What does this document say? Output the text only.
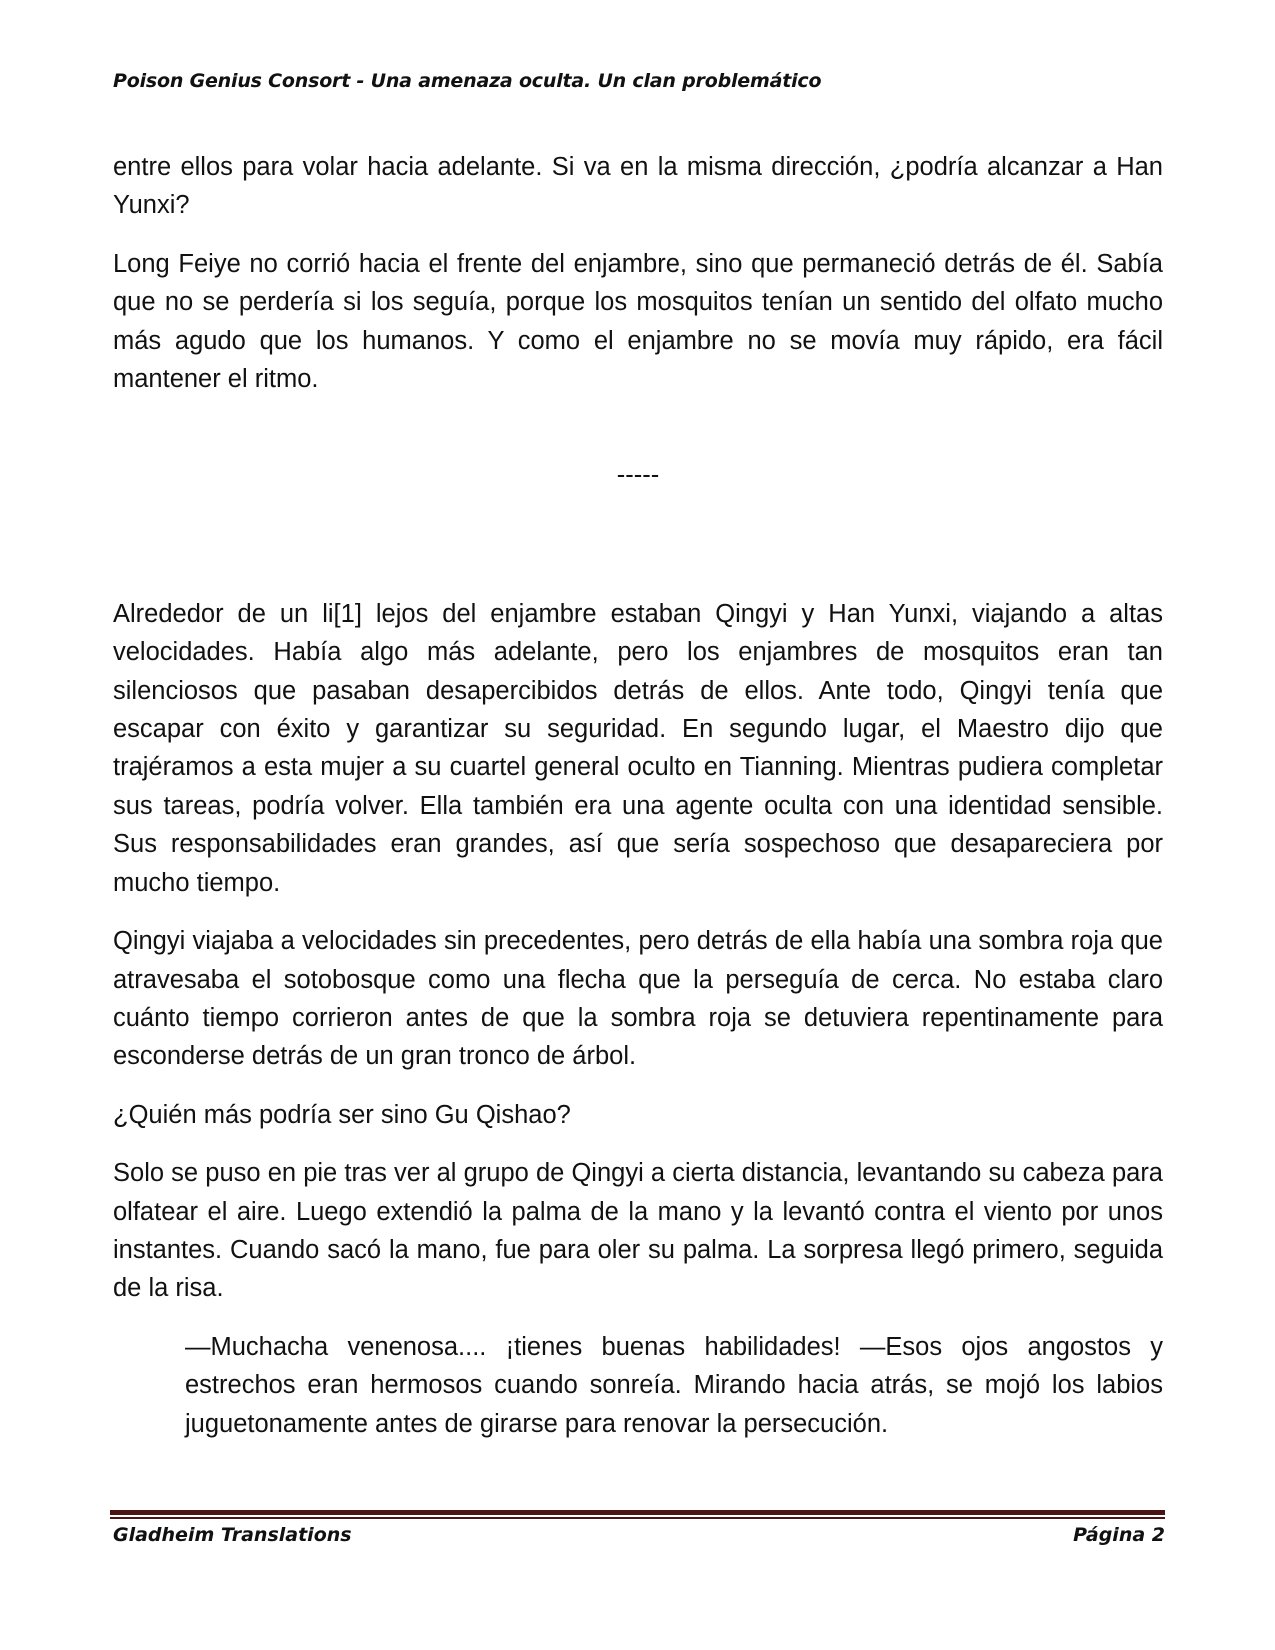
Poison Genius Consort - Una amenaza oculta. Un clan problemático

entre ellos para volar hacia adelante. Si va en la misma dirección, ¿podría alcanzar a Han Yunxi?

Long Feiye no corrió hacia el frente del enjambre, sino que permaneció detrás de él. Sabía que no se perdería si los seguía, porque los mosquitos tenían un sentido del olfato mucho más agudo que los humanos. Y como el enjambre no se movía muy rápido, era fácil mantener el ritmo.

-----

Alrededor de un li[1] lejos del enjambre estaban Qingyi y Han Yunxi, viajando a altas velocidades. Había algo más adelante, pero los enjambres de mosquitos eran tan silenciosos que pasaban desapercibidos detrás de ellos. Ante todo, Qingyi tenía que escapar con éxito y garantizar su seguridad. En segundo lugar, el Maestro dijo que trajéramos a esta mujer a su cuartel general oculto en Tianning. Mientras pudiera completar sus tareas, podría volver. Ella también era una agente oculta con una identidad sensible. Sus responsabilidades eran grandes, así que sería sospechoso que desapareciera por mucho tiempo.

Qingyi viajaba a velocidades sin precedentes, pero detrás de ella había una sombra roja que atravesaba el sotobosque como una flecha que la perseguía de cerca. No estaba claro cuánto tiempo corrieron antes de que la sombra roja se detuviera repentinamente para esconderse detrás de un gran tronco de árbol.

¿Quién más podría ser sino Gu Qishao?

Solo se puso en pie tras ver al grupo de Qingyi a cierta distancia, levantando su cabeza para olfatear el aire. Luego extendió la palma de la mano y la levantó contra el viento por unos instantes. Cuando sacó la mano, fue para oler su palma. La sorpresa llegó primero, seguida de la risa.

—Muchacha venenosa.... ¡tienes buenas habilidades! —Esos ojos angostos y estrechos eran hermosos cuando sonreía. Mirando hacia atrás, se mojó los labios juguetonamente antes de girarse para renovar la persecución.

Gladheim Translations	Página 2
